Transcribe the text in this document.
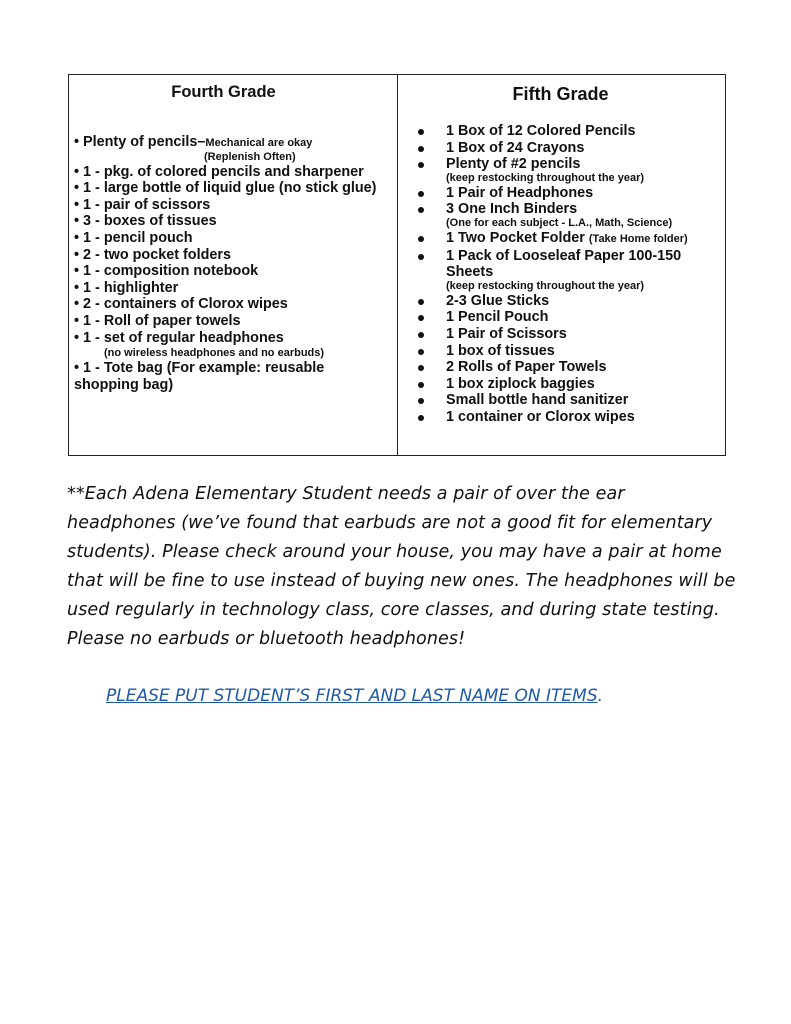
Fourth Grade
• Plenty of pencils–Mechanical are okay
(Replenish Often)
• 1 - pkg. of colored pencils and sharpener
• 1 - large bottle of liquid glue (no stick glue)
• 1 - pair of scissors
• 3 - boxes of tissues
• 1 - pencil pouch
• 2 - two pocket folders
• 1 - composition notebook
• 1 - highlighter
• 2 - containers of Clorox wipes
• 1 - Roll of paper towels
• 1 - set of regular headphones
(no wireless headphones and no earbuds)
• 1 - Tote bag (For example: reusable shopping bag)
Fifth Grade
1 Box of 12 Colored Pencils
1 Box of 24 Crayons
Plenty of #2 pencils
(keep restocking throughout the year)
1 Pair of Headphones
3 One Inch Binders
(One for each subject - L.A., Math, Science)
1 Two Pocket Folder (Take Home folder)
1 Pack of Looseleaf Paper 100-150 Sheets
(keep restocking throughout the year)
2-3 Glue Sticks
1 Pencil Pouch
1 Pair of Scissors
1 box of tissues
2 Rolls of Paper Towels
1 box ziplock baggies
Small bottle hand sanitizer
1 container or Clorox wipes

**Each Adena Elementary Student needs a pair of over the ear headphones (we’ve found that earbuds are not a good fit for elementary students). Please check around your house, you may have a pair at home that will be fine to use instead of buying new ones. The headphones will be used regularly in technology class, core classes, and during state testing. Please no earbuds or bluetooth headphones!

PLEASE PUT STUDENT’S FIRST AND LAST NAME ON ITEMS.
